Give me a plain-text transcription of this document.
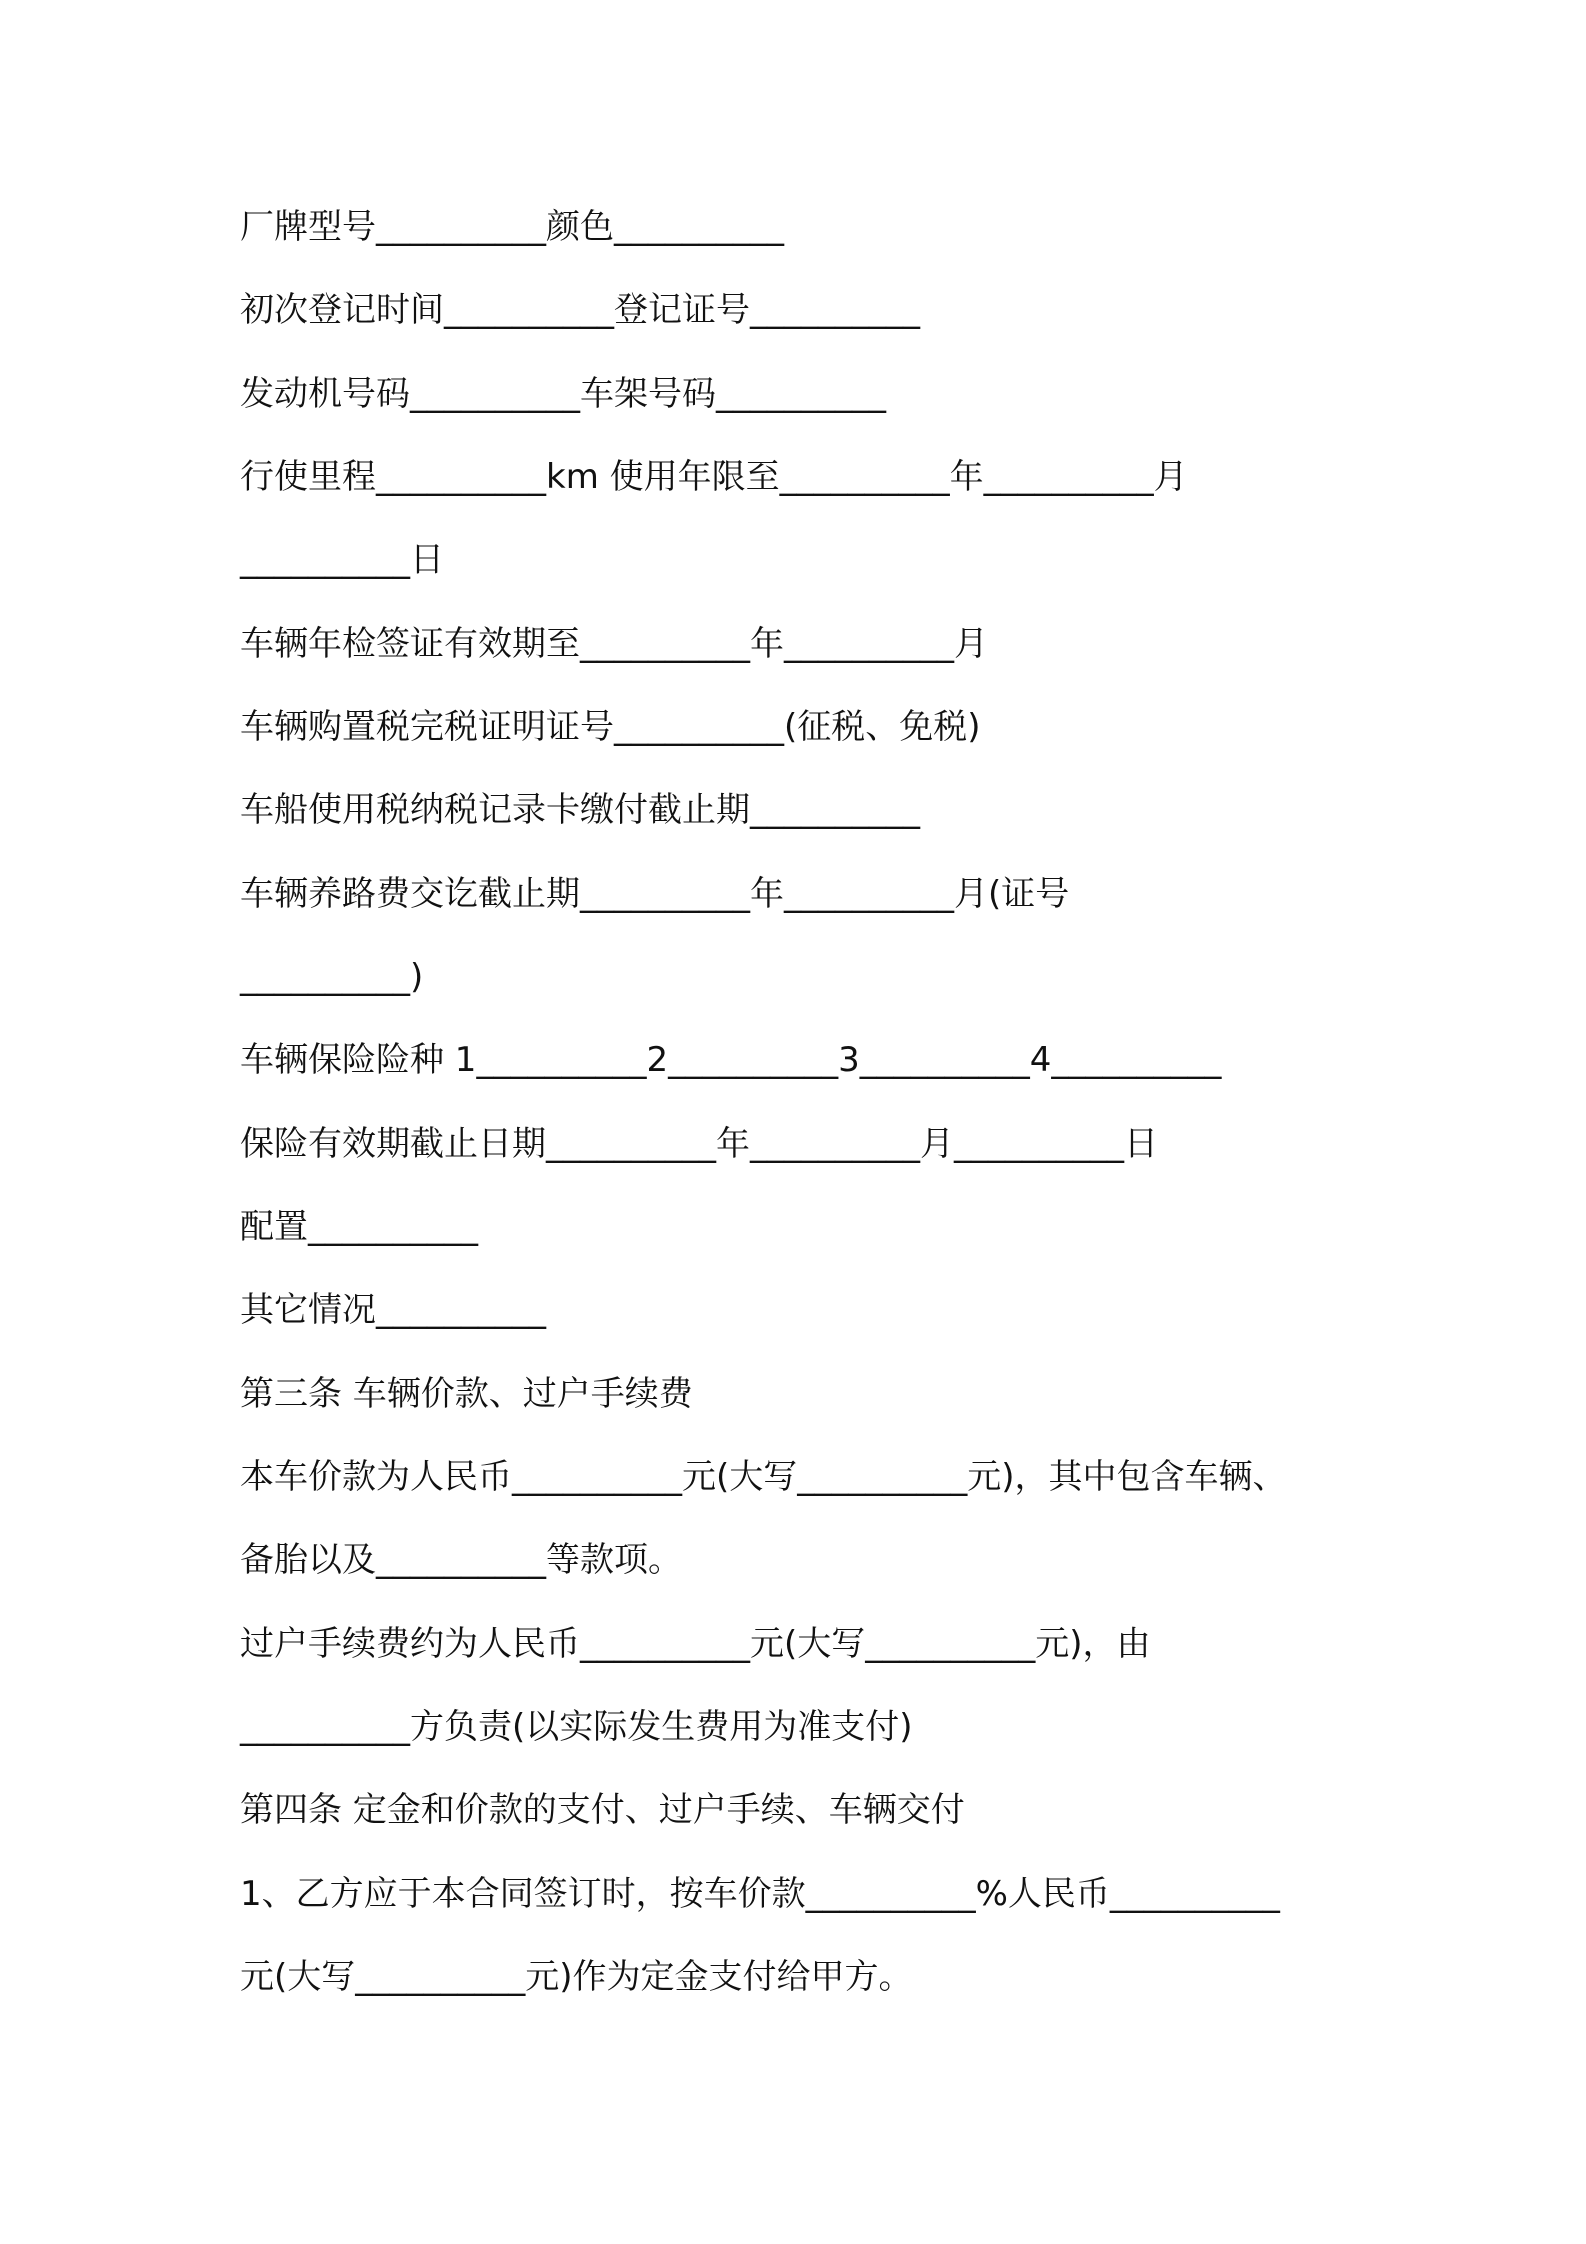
厂牌型号__________颜色__________
初次登记时间__________登记证号__________
发动机号码__________车架号码__________
行使里程__________km 使用年限至__________年__________月
__________日
车辆年检签证有效期至__________年__________月
车辆购置税完税证明证号__________(征税、免税)
车船使用税纳税记录卡缴付截止期__________
车辆养路费交讫截止期__________年__________月(证号
__________)
车辆保险险种 1__________2__________3__________4__________
保险有效期截止日期__________年__________月__________日
配置__________
其它情况__________
第三条 车辆价款、过户手续费
本车价款为人民币__________元(大写__________元)，其中包含车辆、
备胎以及__________等款项。
过户手续费约为人民币__________元(大写__________元)，由
__________方负责(以实际发生费用为准支付)
第四条 定金和价款的支付、过户手续、车辆交付
1、乙方应于本合同签订时，按车价款__________%人民币__________
元(大写__________元)作为定金支付给甲方。
